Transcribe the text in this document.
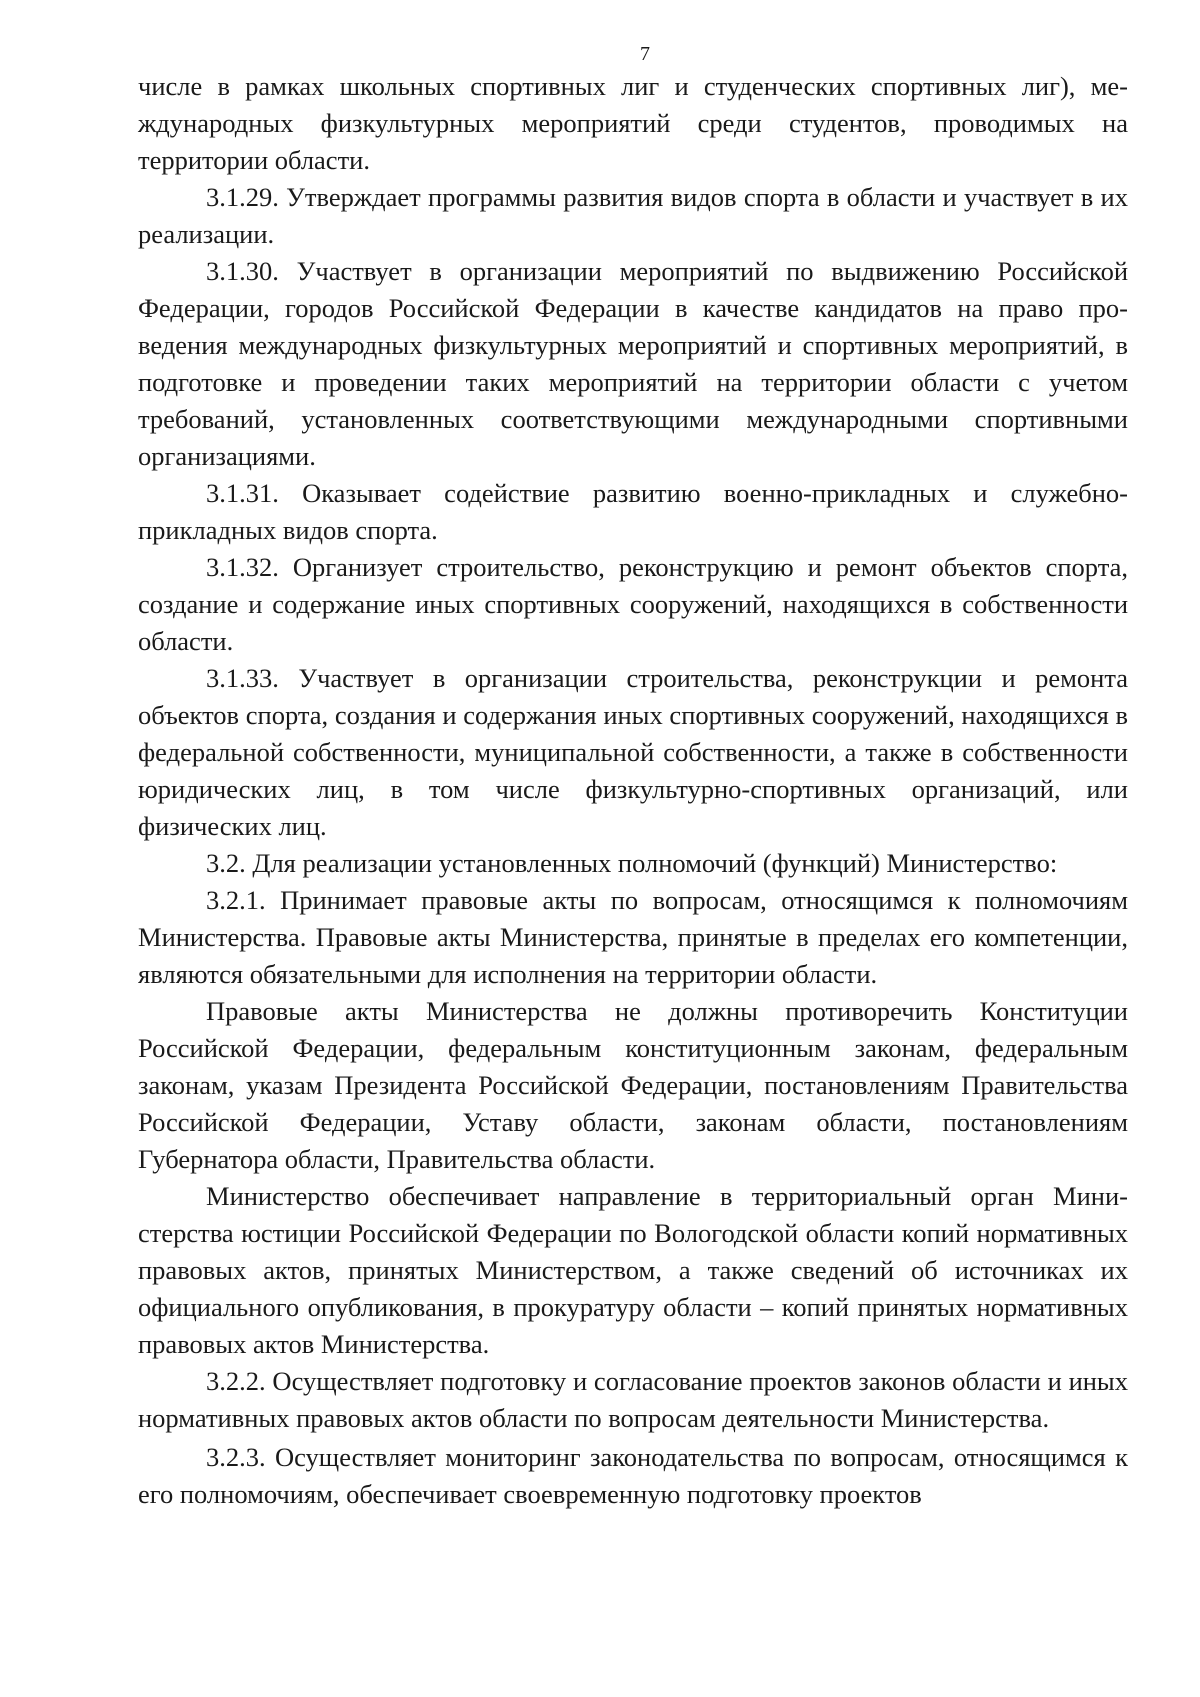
7

числе в рамках школьных спортивных лиг и студенческих спортивных лиг), международных физкультурных мероприятий среди студентов, проводимых на территории области.

3.1.29. Утверждает программы развития видов спорта в области и участвует в их реализации.

3.1.30. Участвует в организации мероприятий по выдвижению Российской Федерации, городов Российской Федерации в качестве кандидатов на право проведения международных физкультурных мероприятий и спортивных мероприятий, в подготовке и проведении таких мероприятий на территории области с учетом требований, установленных соответствующими международными спортивными организациями.

3.1.31. Оказывает содействие развитию военно-прикладных и служебно-прикладных видов спорта.

3.1.32. Организует строительство, реконструкцию и ремонт объектов спорта, создание и содержание иных спортивных сооружений, находящихся в собственности области.

3.1.33. Участвует в организации строительства, реконструкции и ремонта объектов спорта, создания и содержания иных спортивных сооружений, находящихся в федеральной собственности, муниципальной собственности, а также в собственности юридических лиц, в том числе физкультурно-спортивных организаций, или физических лиц.

3.2. Для реализации установленных полномочий (функций) Министерство:

3.2.1. Принимает правовые акты по вопросам, относящимся к полномочиям Министерства. Правовые акты Министерства, принятые в пределах его компетенции, являются обязательными для исполнения на территории области.

Правовые акты Министерства не должны противоречить Конституции Российской Федерации, федеральным конституционным законам, федеральным законам, указам Президента Российской Федерации, постановлениям Правительства Российской Федерации, Уставу области, законам области, постановлениям Губернатора области, Правительства области.

Министерство обеспечивает направление в территориальный орган Министерства юстиции Российской Федерации по Вологодской области копий нормативных правовых актов, принятых Министерством, а также сведений об источниках их официального опубликования, в прокуратуру области – копий принятых нормативных правовых актов Министерства.

3.2.2. Осуществляет подготовку и согласование проектов законов области и иных нормативных правовых актов области по вопросам деятельности Министерства.

3.2.3. Осуществляет мониторинг законодательства по вопросам, относящимся к его полномочиям, обеспечивает своевременную подготовку проектов
